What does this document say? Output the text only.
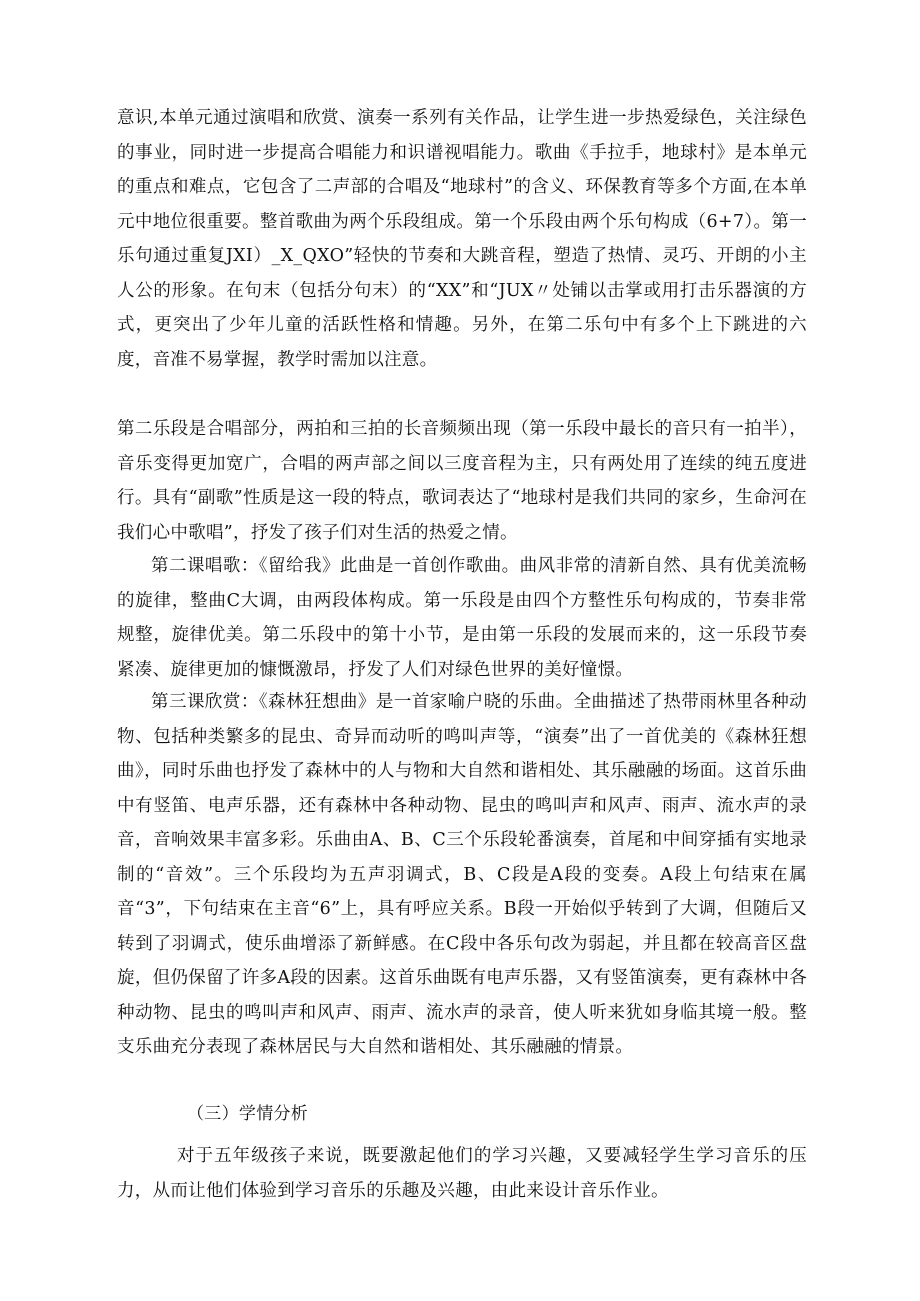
意识,本单元通过演唱和欣赏、演奏一系列有关作品，让学生进一步热爱绿色，关注绿色的事业，同时进一步提高合唱能力和识谱视唱能力。歌曲《手拉手，地球村》是本单元的重点和难点，它包含了二声部的合唱及“地球村”的含义、环保教育等多个方面,在本单元中地位很重要。整首歌曲为两个乐段组成。第一个乐段由两个乐句构成（6+7）。第一乐句通过重复JXI）_X_QXO”轻快的节奏和大跳音程，塑造了热情、灵巧、开朗的小主人公的形象。在句末（包括分句末）的“XX”和“JUX〃处铺以击掌或用打击乐器演的方式，更突出了少年儿童的活跃性格和情趣。另外，在第二乐句中有多个上下跳进的六度，音准不易掌握，教学时需加以注意。

第二乐段是合唱部分，两拍和三拍的长音频频出现（第一乐段中最长的音只有一拍半），音乐变得更加宽广，合唱的两声部之间以三度音程为主，只有两处用了连续的纯五度进行。具有“副歌”性质是这一段的特点，歌词表达了“地球村是我们共同的家乡，生命河在我们心中歌唱”，抒发了孩子们对生活的热爱之情。

第二课唱歌：《留给我》此曲是一首创作歌曲。曲风非常的清新自然、具有优美流畅的旋律，整曲C大调，由两段体构成。第一乐段是由四个方整性乐句构成的，节奏非常规整，旋律优美。第二乐段中的第十小节，是由第一乐段的发展而来的，这一乐段节奏紧凑、旋律更加的慷慨激昂，抒发了人们对绿色世界的美好憧憬。

第三课欣赏：《森林狂想曲》是一首家喻户晓的乐曲。全曲描述了热带雨林里各种动物、包括种类繁多的昆虫、奇异而动听的鸣叫声等，“演奏”出了一首优美的《森林狂想曲》，同时乐曲也抒发了森林中的人与物和大自然和谐相处、其乐融融的场面。这首乐曲中有竖笛、电声乐器，还有森林中各种动物、昆虫的鸣叫声和风声、雨声、流水声的录音，音响效果丰富多彩。乐曲由A、B、C三个乐段轮番演奏，首尾和中间穿插有实地录制的“音效”。三个乐段均为五声羽调式，B、C段是A段的变奏。A段上句结束在属音“3”，下句结束在主音“6”上，具有呼应关系。B段一开始似乎转到了大调，但随后又转到了羽调式，使乐曲增添了新鲜感。在C段中各乐句改为弱起，并且都在较高音区盘旋，但仍保留了许多A段的因素。这首乐曲既有电声乐器，又有竖笛演奏，更有森林中各种动物、昆虫的鸣叫声和风声、雨声、流水声的录音，使人听来犹如身临其境一般。整支乐曲充分表现了森林居民与大自然和谐相处、其乐融融的情景。

（三）学情分析

对于五年级孩子来说，既要激起他们的学习兴趣，又要减轻学生学习音乐的压力，从而让他们体验到学习音乐的乐趣及兴趣，由此来设计音乐作业。
